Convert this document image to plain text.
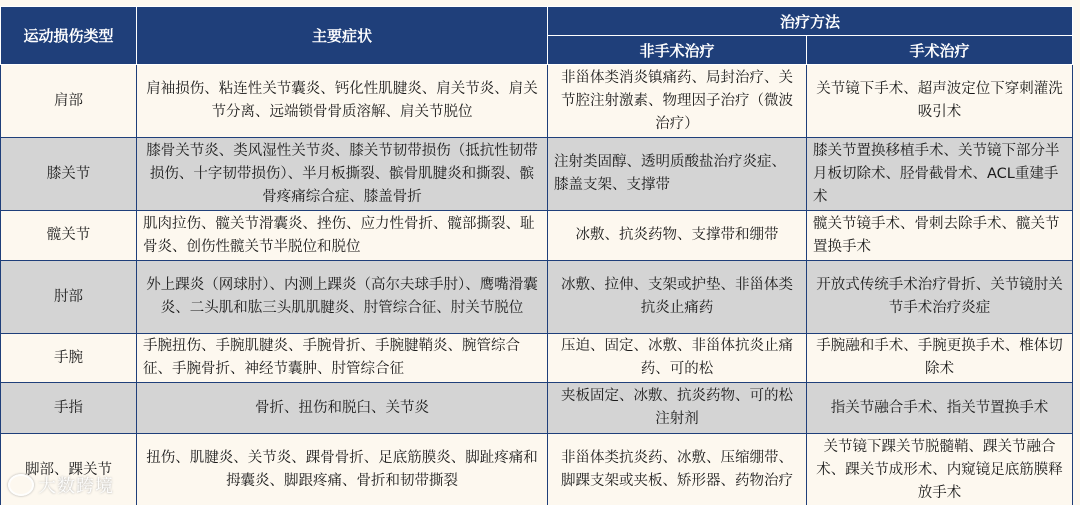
运动损伤类型	主要症状	治疗方法	
		非手术治疗	手术治疗
肩部	肩袖损伤、粘连性关节囊炎、钙化性肌腱炎、肩关节炎、肩关节分离、远端锁骨骨质溶解、肩关节脱位	非甾体类消炎镇痛药、局封治疗、关节腔注射激素、物理因子治疗（微波治疗）	关节镜下手术、超声波定位下穿刺灌洗吸引术
膝关节	膝骨关节炎、类风湿性关节炎、膝关节韧带损伤（抵抗性韧带损伤、十字韧带损伤）、半月板撕裂、髌骨肌腱炎和撕裂、髌骨疼痛综合症、膝盖骨折	注射类固醇、透明质酸盐治疗炎症、膝盖支架、支撑带	膝关节置换移植手术、关节镜下部分半月板切除术、胫骨截骨术、ACL重建手术
髋关节	肌肉拉伤、髋关节滑囊炎、挫伤、应力性骨折、髋部撕裂、耻骨炎、创伤性髋关节半脱位和脱位	冰敷、抗炎药物、支撑带和绷带	髋关节镜手术、骨刺去除手术、髋关节置换手术
肘部	外上踝炎（网球肘）、内测上踝炎（高尔夫球手肘）、鹰嘴滑囊炎、二头肌和肱三头肌肌腱炎、肘管综合征、肘关节脱位	冰敷、拉伸、支架或护垫、非甾体类抗炎止痛药	开放式传统手术治疗骨折、关节镜肘关节手术治疗炎症
手腕	手腕扭伤、手腕肌腱炎、手腕骨折、手腕腱鞘炎、腕管综合征、手腕骨折、神经节囊肿、肘管综合征	压迫、固定、冰敷、非甾体抗炎止痛药、可的松	手腕融和手术、手腕更换手术、椎体切除术
手指	骨折、扭伤和脱臼、关节炎	夹板固定、冰敷、抗炎药物、可的松注射剂	指关节融合手术、指关节置换手术
脚部、踝关节	扭伤、肌腱炎、关节炎、踝骨骨折、足底筋膜炎、脚趾疼痛和拇囊炎、脚跟疼痛、骨折和韧带撕裂	非甾体类抗炎药、冰敷、压缩绷带、脚踝支架或夹板、矫形器、药物治疗	关节镜下踝关节脱髓鞘、踝关节融合术、踝关节成形术、内窥镜足底筋膜释放手术
大数跨境
